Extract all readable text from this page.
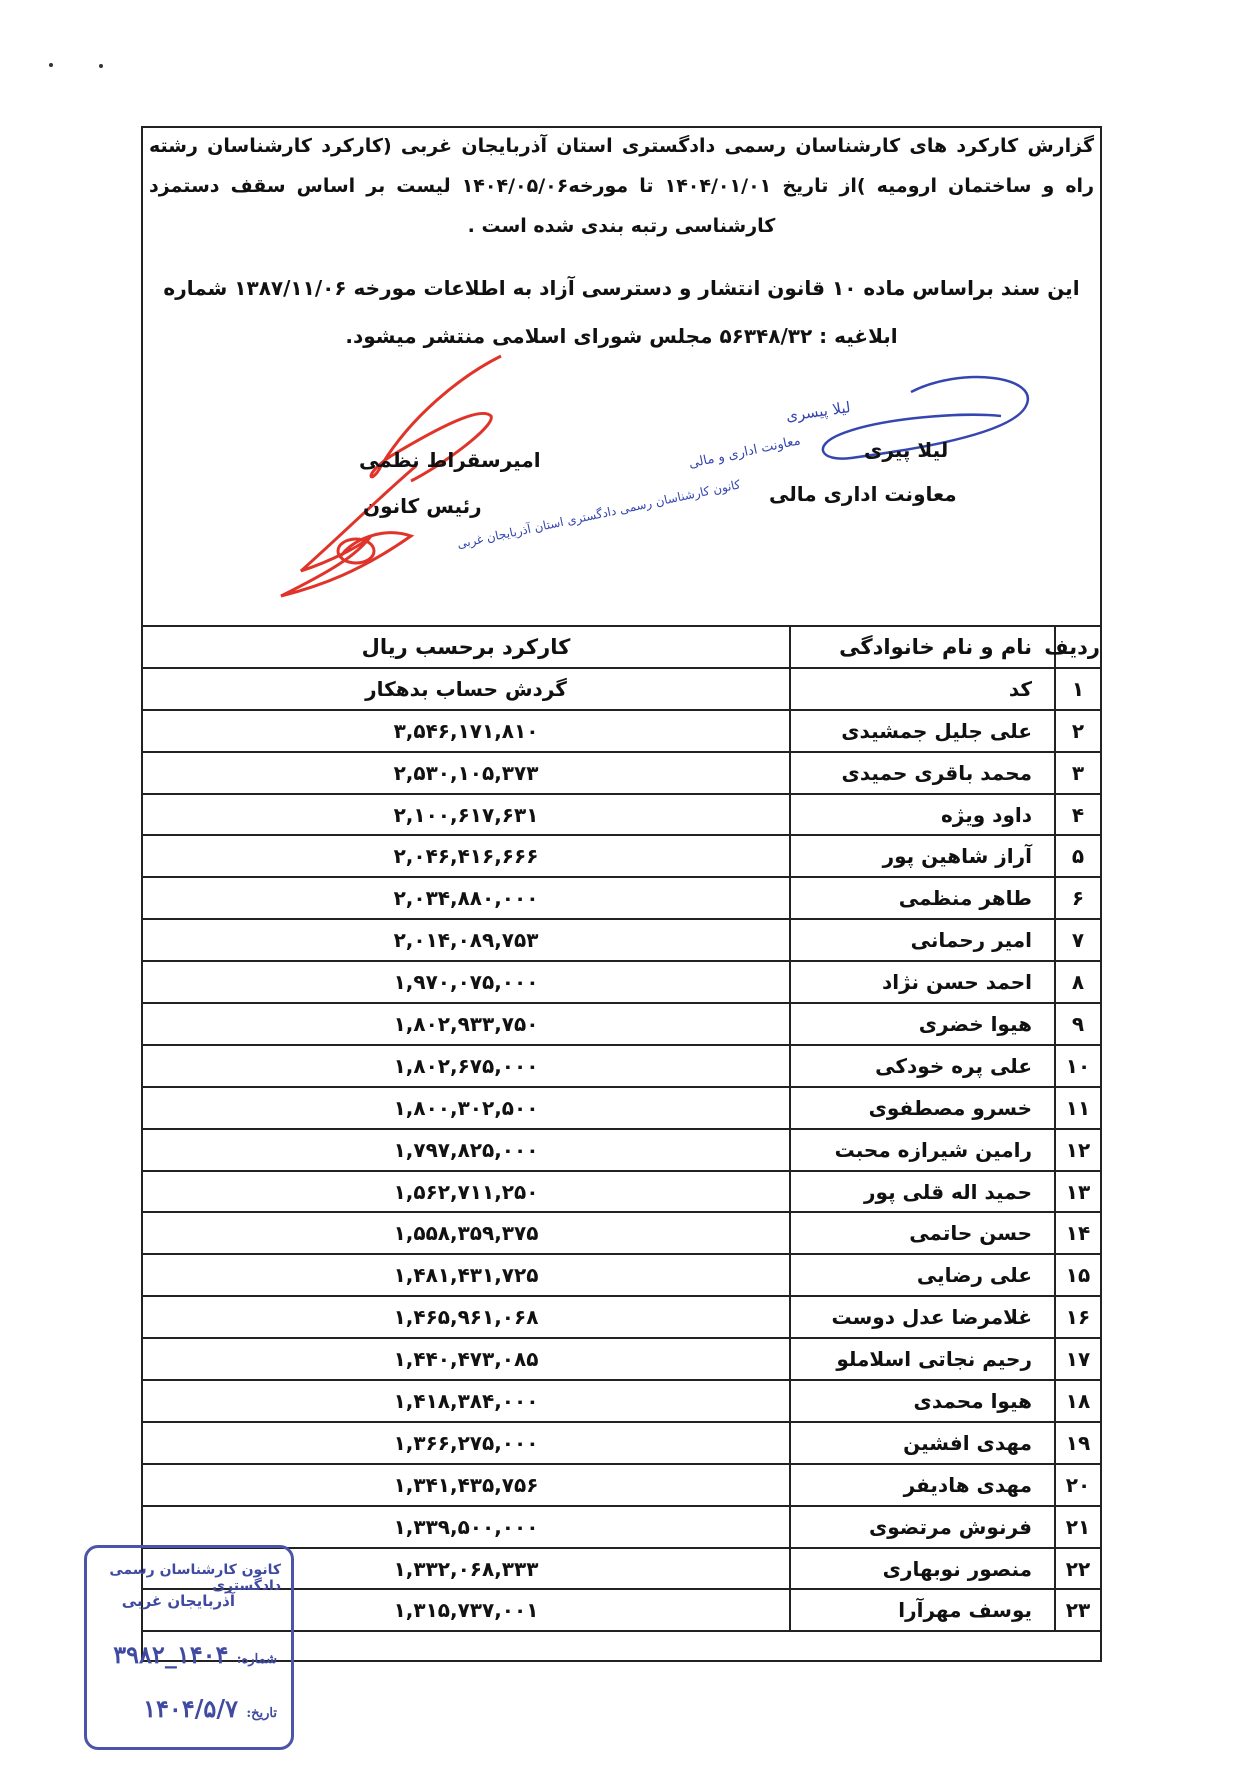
گزارش کارکرد های کارشناسان رسمی دادگستری استان آذربایجان غربی (کارکرد کارشناسان رشته راه و ساختمان ارومیه )از تاریخ ۱۴۰۴/۰۱/۰۱ تا مورخه۱۴۰۴/۰۵/۰۶ لیست بر اساس سقف دستمزد کارشناسی رتبه بندی شده است .
این سند براساس ماده ۱۰ قانون انتشار و دسترسی آزاد به اطلاعات مورخه ۱۳۸۷/۱۱/۰۶ شماره ابلاغیه : ۵۶۳۴۸/۳۲ مجلس شورای اسلامی منتشر میشود.
لیلا پیسری
معاونت اداری و مالی
کانون کارشناسان رسمی دادگستری استان آذربایجان غربی
لیلا پیری
معاونت اداری مالی
امیرسقراط نظمی
رئیس کانون
ردیف	نام و نام خانوادگی	کارکرد برحسب ریال
۱	کد	گردش حساب بدهکار
۲	علی جلیل جمشیدی	۳,۵۴۶,۱۷۱,۸۱۰
۳	محمد باقری حمیدی	۲,۵۳۰,۱۰۵,۳۷۳
۴	داود ویژه	۲,۱۰۰,۶۱۷,۶۳۱
۵	آراز شاهین پور	۲,۰۴۶,۴۱۶,۶۶۶
۶	طاهر منظمی	۲,۰۳۴,۸۸۰,۰۰۰
۷	امیر رحمانی	۲,۰۱۴,۰۸۹,۷۵۳
۸	احمد حسن نژاد	۱,۹۷۰,۰۷۵,۰۰۰
۹	هیوا خضری	۱,۸۰۲,۹۳۳,۷۵۰
۱۰	علی پره خودکی	۱,۸۰۲,۶۷۵,۰۰۰
۱۱	خسرو مصطفوی	۱,۸۰۰,۳۰۲,۵۰۰
۱۲	رامین شیرازه محبت	۱,۷۹۷,۸۲۵,۰۰۰
۱۳	حمید اله قلی پور	۱,۵۶۲,۷۱۱,۲۵۰
۱۴	حسن حاتمی	۱,۵۵۸,۳۵۹,۳۷۵
۱۵	علی رضایی	۱,۴۸۱,۴۳۱,۷۲۵
۱۶	غلامرضا عدل دوست	۱,۴۶۵,۹۶۱,۰۶۸
۱۷	رحیم نجاتی اسلاملو	۱,۴۴۰,۴۷۳,۰۸۵
۱۸	هیوا محمدی	۱,۴۱۸,۳۸۴,۰۰۰
۱۹	مهدی افشین	۱,۳۶۶,۲۷۵,۰۰۰
۲۰	مهدی هادیفر	۱,۳۴۱,۴۳۵,۷۵۶
۲۱	فرنوش مرتضوی	۱,۳۳۹,۵۰۰,۰۰۰
۲۲	منصور نوبهاری	۱,۳۳۲,۰۶۸,۳۳۳
۲۳	یوسف مهرآرا	۱,۳۱۵,۷۳۷,۰۰۱
کانون کارشناسان رسمی دادگستری
آذربایجان غربی
شماره: ۱۴۰۴_۳۹۸۲
تاریخ: ۱۴۰۴/۵/۷
